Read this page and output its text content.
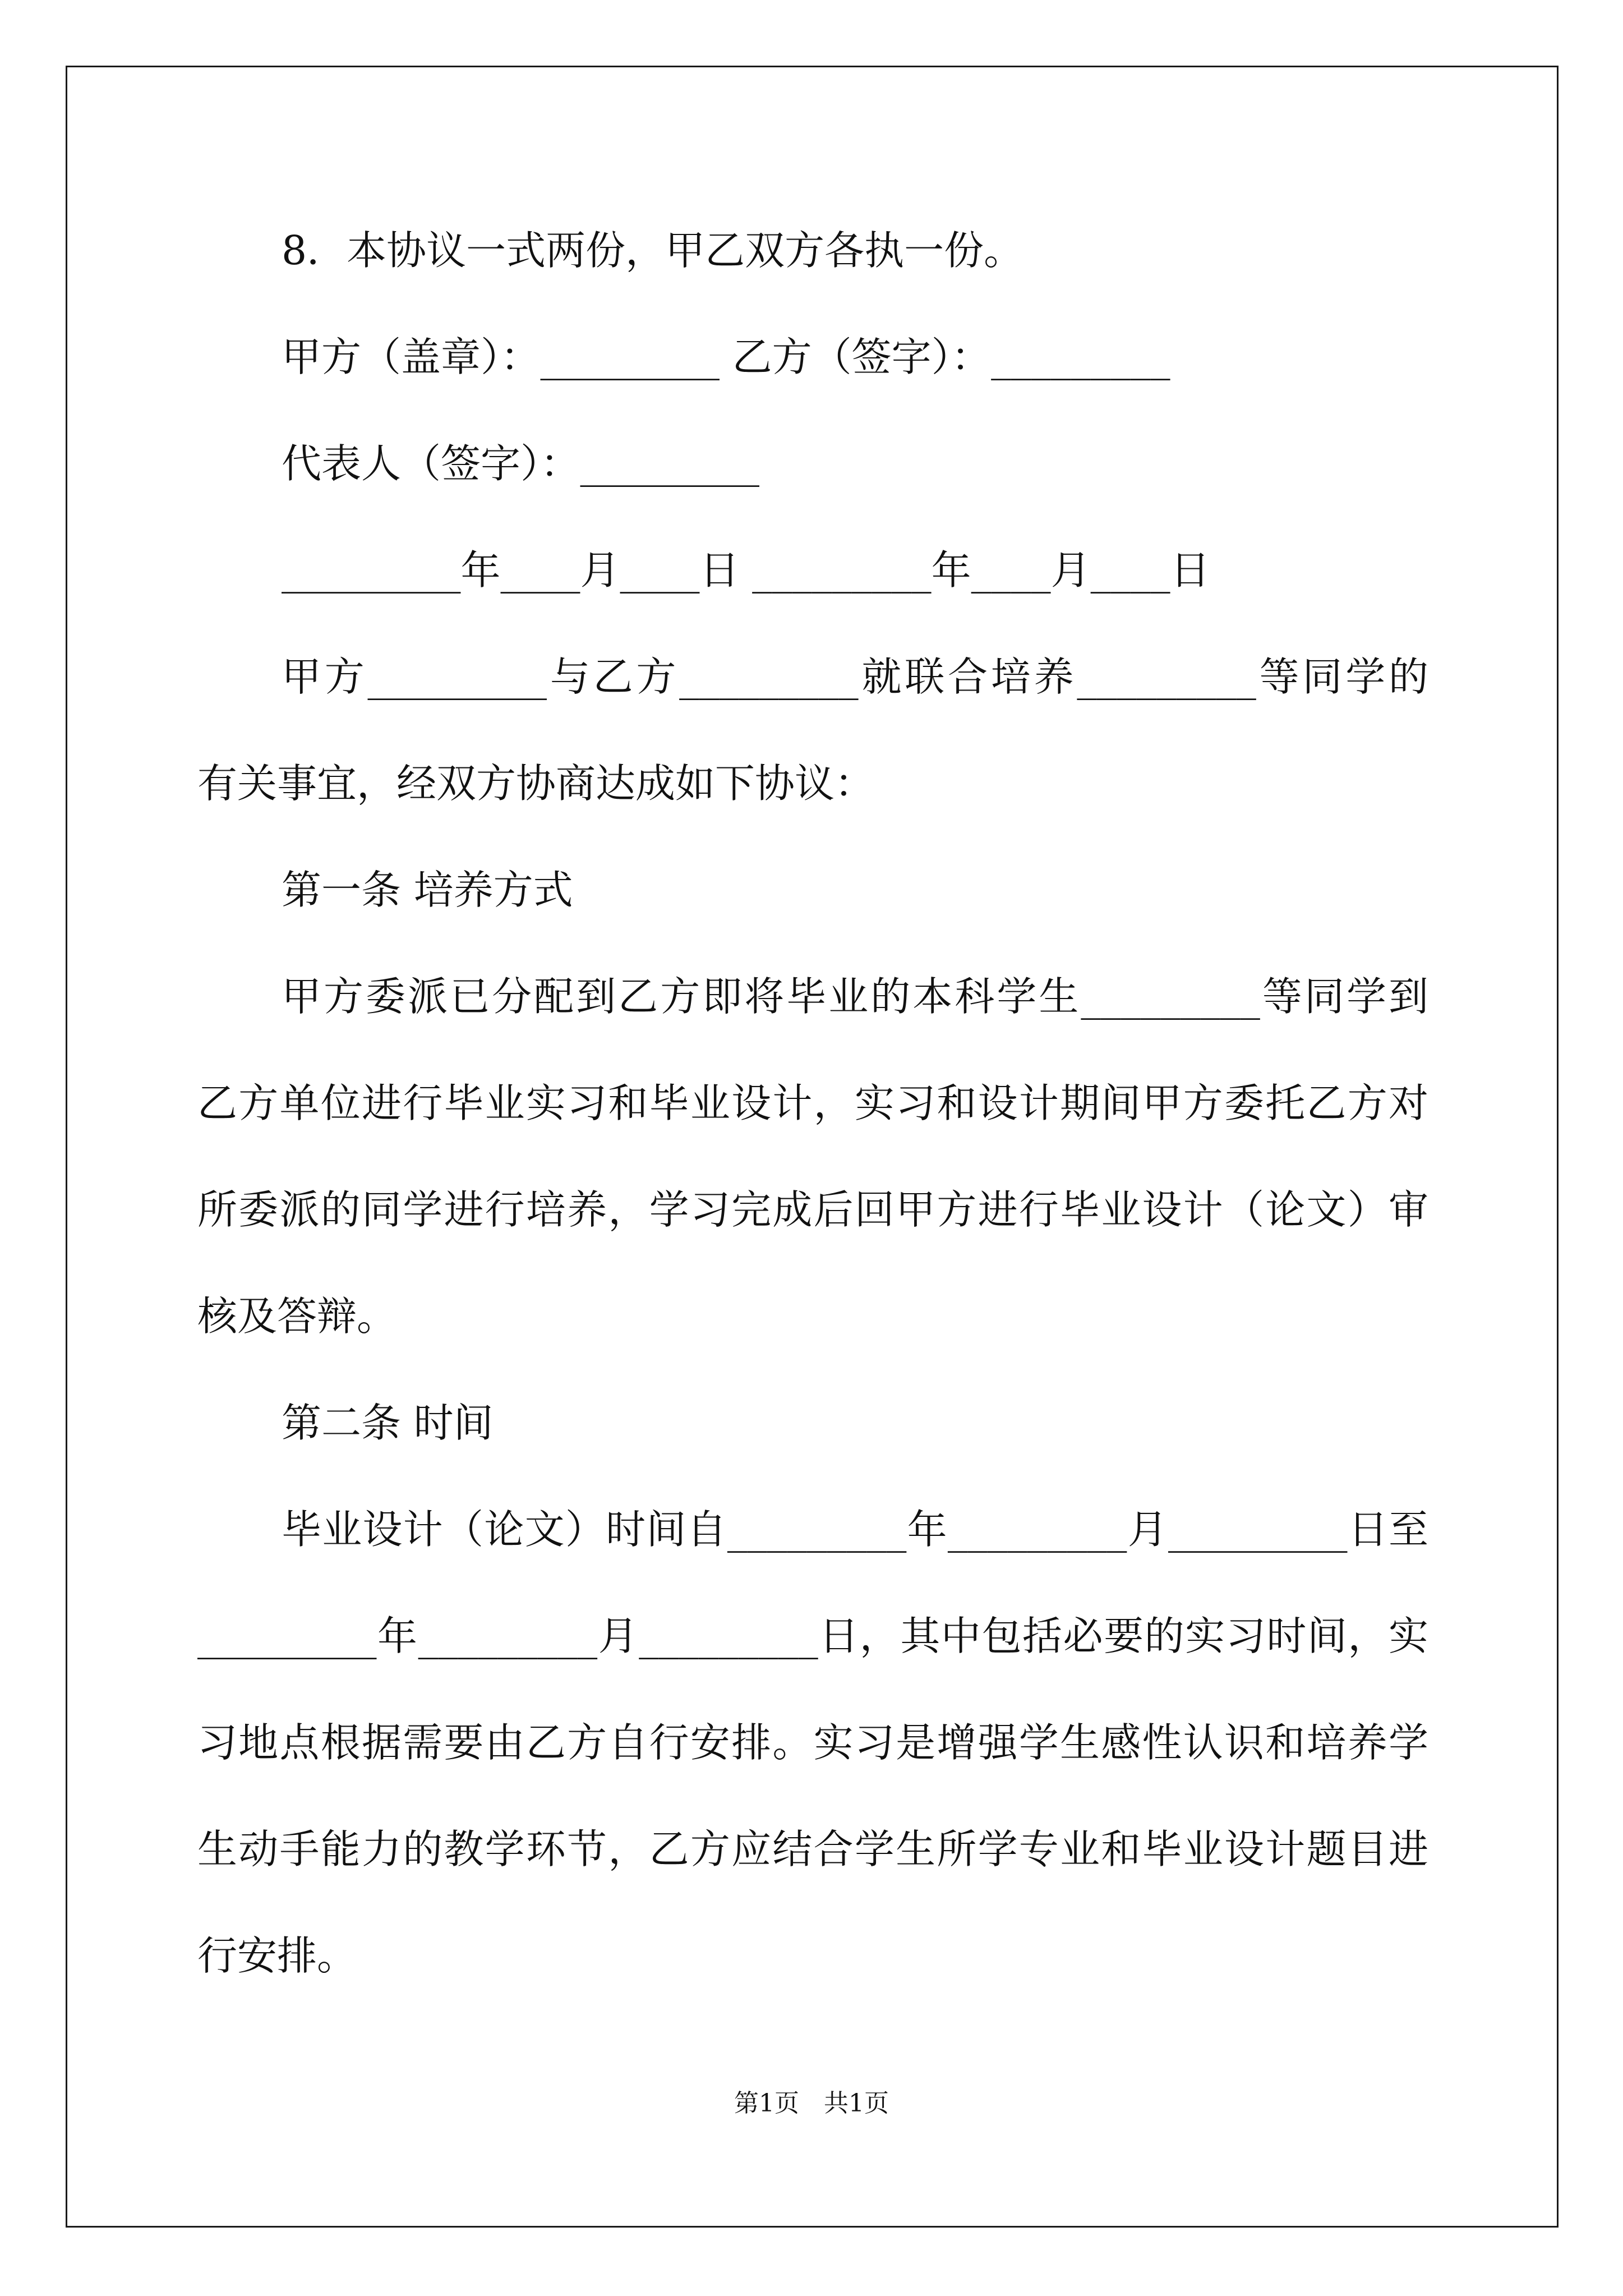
8．本协议一式两份，甲乙双方各执一份。

甲方（盖章）：_________ 乙方（签字）：_________

代表人（签字）：_________

_________年____月____日 _________年____月____日

甲方_________与乙方_________就联合培养_________等同学的

有关事宜，经双方协商达成如下协议：

第一条 培养方式

甲方委派已分配到乙方即将毕业的本科学生_________等同学到

乙方单位进行毕业实习和毕业设计，实习和设计期间甲方委托乙方对

所委派的同学进行培养，学习完成后回甲方进行毕业设计（论文）审

核及答辩。

第二条 时间

毕业设计（论文）时间自_________年_________月_________日至

_________年_________月_________日，其中包括必要的实习时间，实

习地点根据需要由乙方自行安排。实习是增强学生感性认识和培养学

生动手能力的教学环节，乙方应结合学生所学专业和毕业设计题目进

行安排。

第1页　共1页
